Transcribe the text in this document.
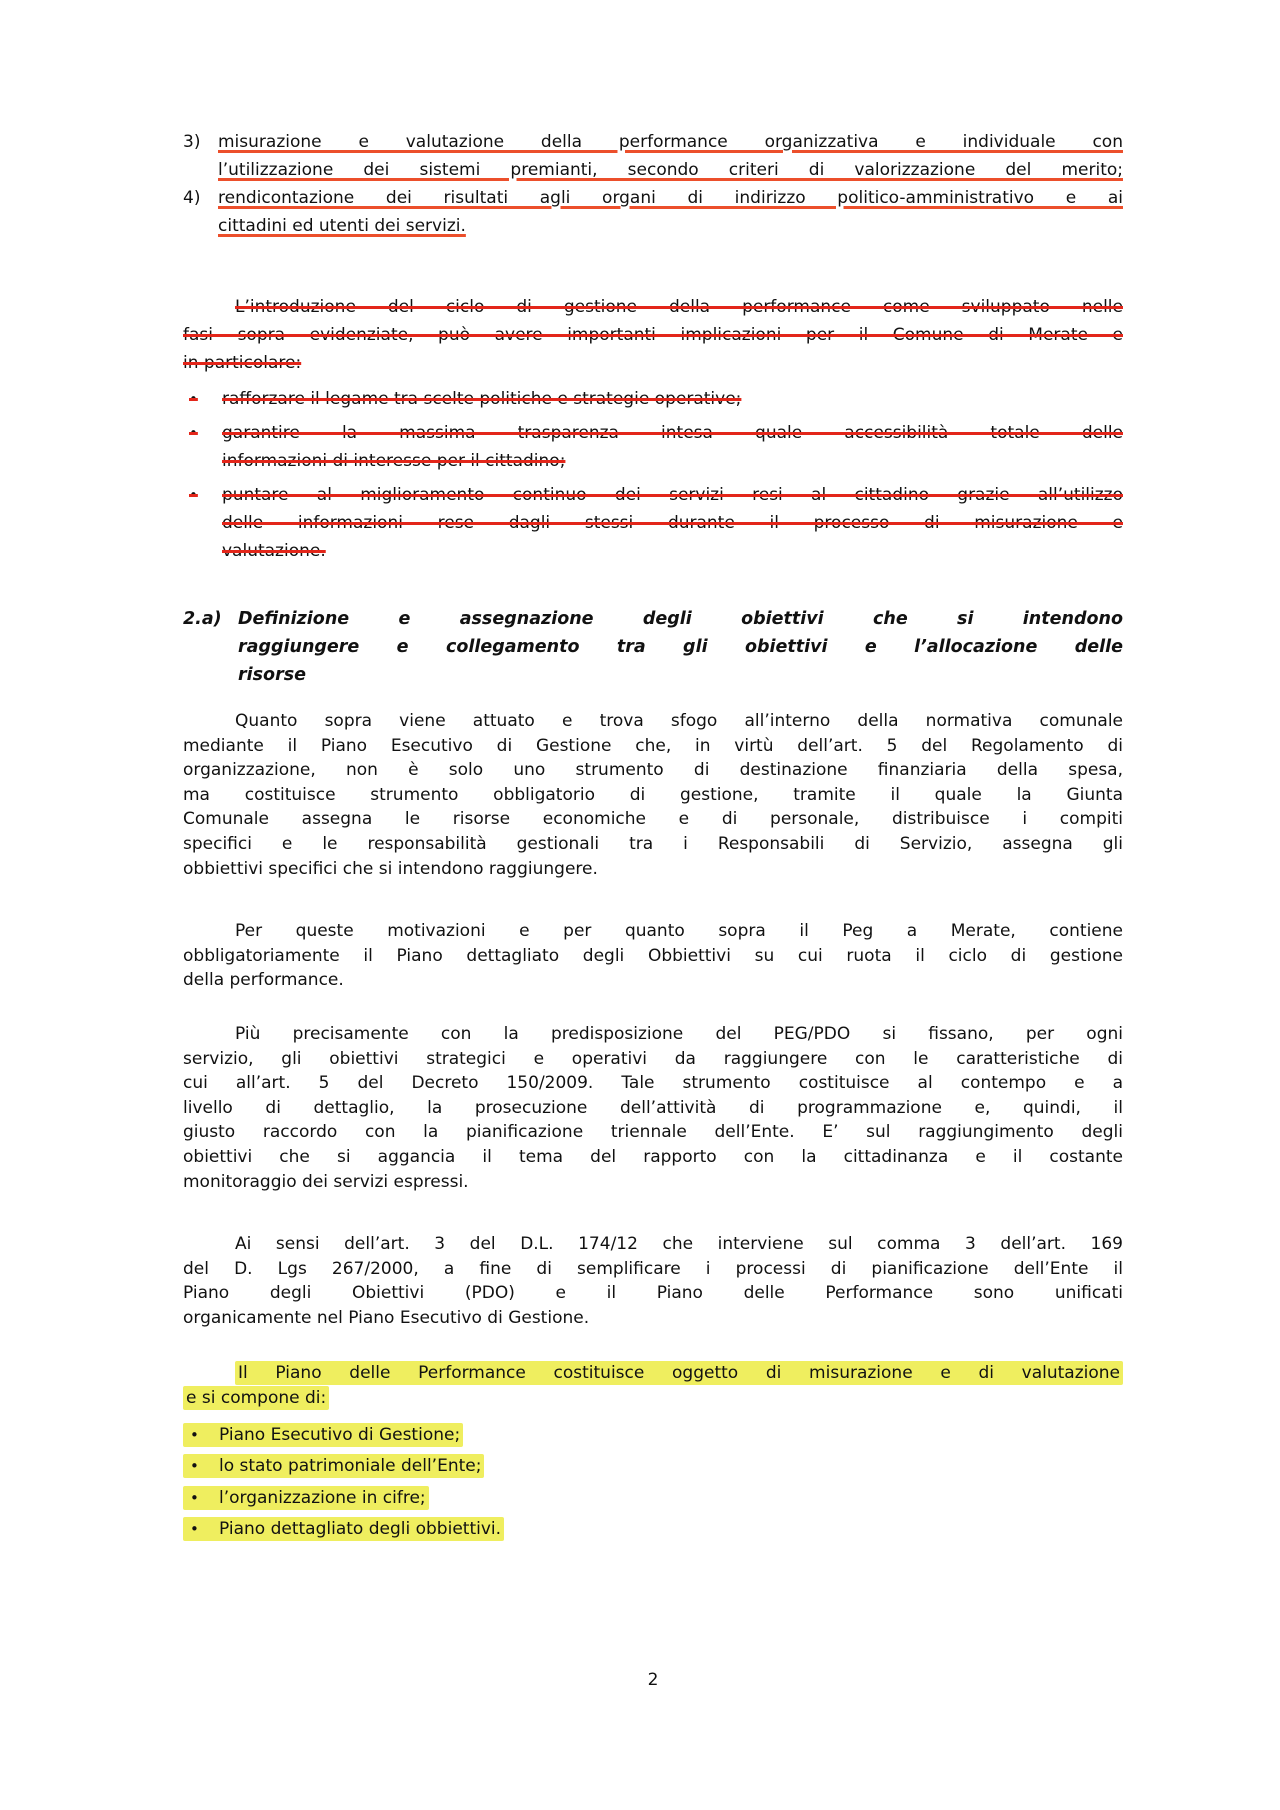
3) misurazione e valutazione della performance organizzativa e individuale con
l’utilizzazione dei sistemi premianti, secondo criteri di valorizzazione del merito;
4) rendicontazione dei risultati agli organi di indirizzo politico-amministrativo e ai
cittadini ed utenti dei servizi.
L’introduzione del ciclo di gestione della performance come sviluppato nelle
fasi sopra evidenziate, può avere importanti implicazioni per il Comune di Merate e
in particolare:
• rafforzare il legame tra scelte politiche e strategie operative;
• garantire la massima trasparenza intesa quale accessibilità totale delle
informazioni di interesse per il cittadino;
• puntare al miglioramento continuo dei servizi resi al cittadino grazie all’utilizzo
delle informazioni rese dagli stessi durante il processo di misurazione e
valutazione.
2.a) Definizione e assegnazione degli obiettivi che si intendono
raggiungere e collegamento tra gli obiettivi e l’allocazione delle
risorse
Quanto sopra viene attuato e trova sfogo all’interno della normativa comunale
mediante il Piano Esecutivo di Gestione che, in virtù dell’art. 5 del Regolamento di
organizzazione, non è solo uno strumento di destinazione finanziaria della spesa,
ma costituisce strumento obbligatorio di gestione, tramite il quale la Giunta
Comunale assegna le risorse economiche e di personale, distribuisce i compiti
specifici e le responsabilità gestionali tra i Responsabili di Servizio, assegna gli
obbiettivi specifici che si intendono raggiungere.
Per queste motivazioni e per quanto sopra il Peg a Merate, contiene
obbligatoriamente il Piano dettagliato degli Obbiettivi su cui ruota il ciclo di gestione
della performance.
Più precisamente con la predisposizione del PEG/PDO si fissano, per ogni
servizio, gli obiettivi strategici e operativi da raggiungere con le caratteristiche di
cui all’art. 5 del Decreto 150/2009. Tale strumento costituisce al contempo e a
livello di dettaglio, la prosecuzione dell’attività di programmazione e, quindi, il
giusto raccordo con la pianificazione triennale dell’Ente. E’ sul raggiungimento degli
obiettivi che si aggancia il tema del rapporto con la cittadinanza e il costante
monitoraggio dei servizi espressi.
Ai sensi dell’art. 3 del D.L. 174/12 che interviene sul comma 3 dell’art. 169
del D. Lgs 267/2000, a fine di semplificare i processi di pianificazione dell’Ente il
Piano degli Obiettivi (PDO) e il Piano delle Performance sono unificati
organicamente nel Piano Esecutivo di Gestione.
Il Piano delle Performance costituisce oggetto di misurazione e di valutazione
e si compone di:
• Piano Esecutivo di Gestione;
• lo stato patrimoniale dell’Ente;
• l’organizzazione in cifre;
• Piano dettagliato degli obbiettivi.
2
